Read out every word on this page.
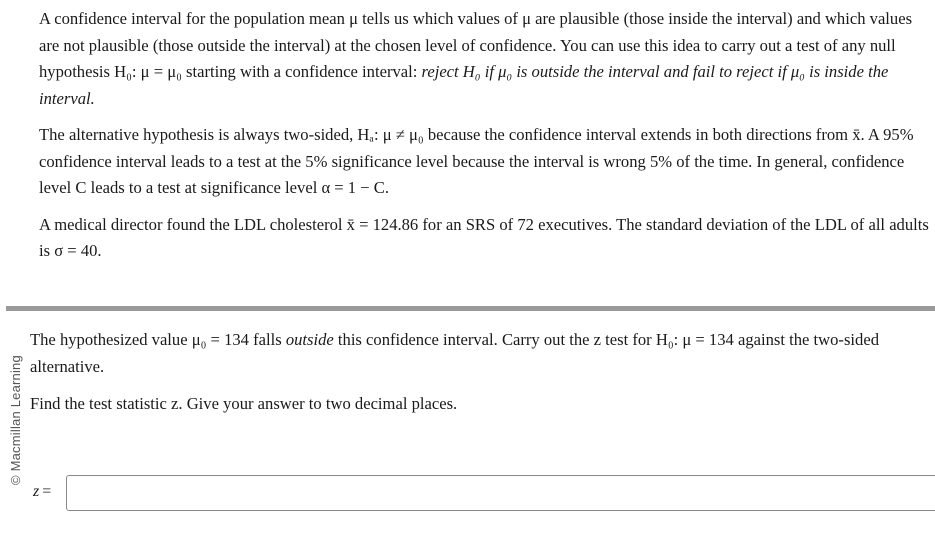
A confidence interval for the population mean μ tells us which values of μ are plausible (those inside the interval) and which values are not plausible (those outside the interval) at the chosen level of confidence. You can use this idea to carry out a test of any null hypothesis H₀: μ = μ₀ starting with a confidence interval: reject H₀ if μ₀ is outside the interval and fail to reject if μ₀ is inside the interval.

The alternative hypothesis is always two-sided, Hₐ: μ ≠ μ₀ because the confidence interval extends in both directions from x̄. A 95% confidence interval leads to a test at the 5% significance level because the interval is wrong 5% of the time. In general, confidence level C leads to a test at significance level α = 1 − C.

A medical director found the LDL cholesterol x̄ = 124.86 for an SRS of 72 executives. The standard deviation of the LDL of all adults is σ = 40.

© Macmillan Learning

The hypothesized value μ₀ = 134 falls outside this confidence interval. Carry out the z test for H₀: μ = 134 against the two-sided alternative.

Find the test statistic z. Give your answer to two decimal places.

z =
